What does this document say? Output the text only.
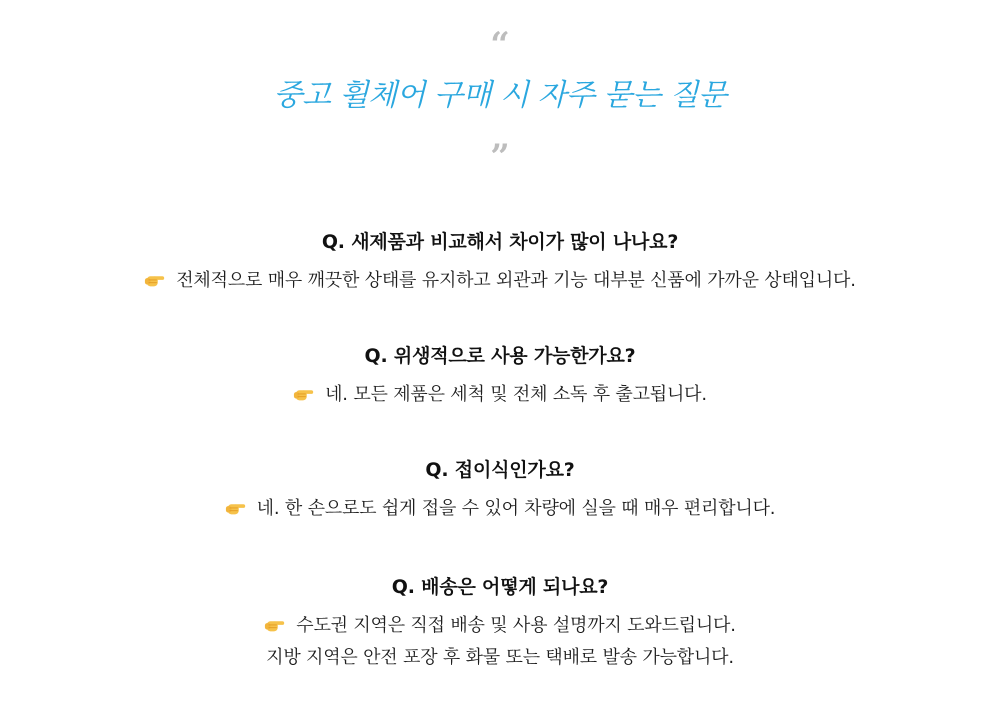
“
중고 휠체어 구매 시 자주 묻는 질문
”
Q. 새제품과 비교해서 차이가 많이 나나요?
전체적으로 매우 깨끗한 상태를 유지하고 외관과 기능 대부분 신품에 가까운 상태입니다.
Q. 위생적으로 사용 가능한가요?
네. 모든 제품은 세척 및 전체 소독 후 출고됩니다.
Q. 접이식인가요?
네. 한 손으로도 쉽게 접을 수 있어 차량에 실을 때 매우 편리합니다.
Q. 배송은 어떻게 되나요?
수도권 지역은 직접 배송 및 사용 설명까지 도와드립니다.
지방 지역은 안전 포장 후 화물 또는 택배로 발송 가능합니다.
